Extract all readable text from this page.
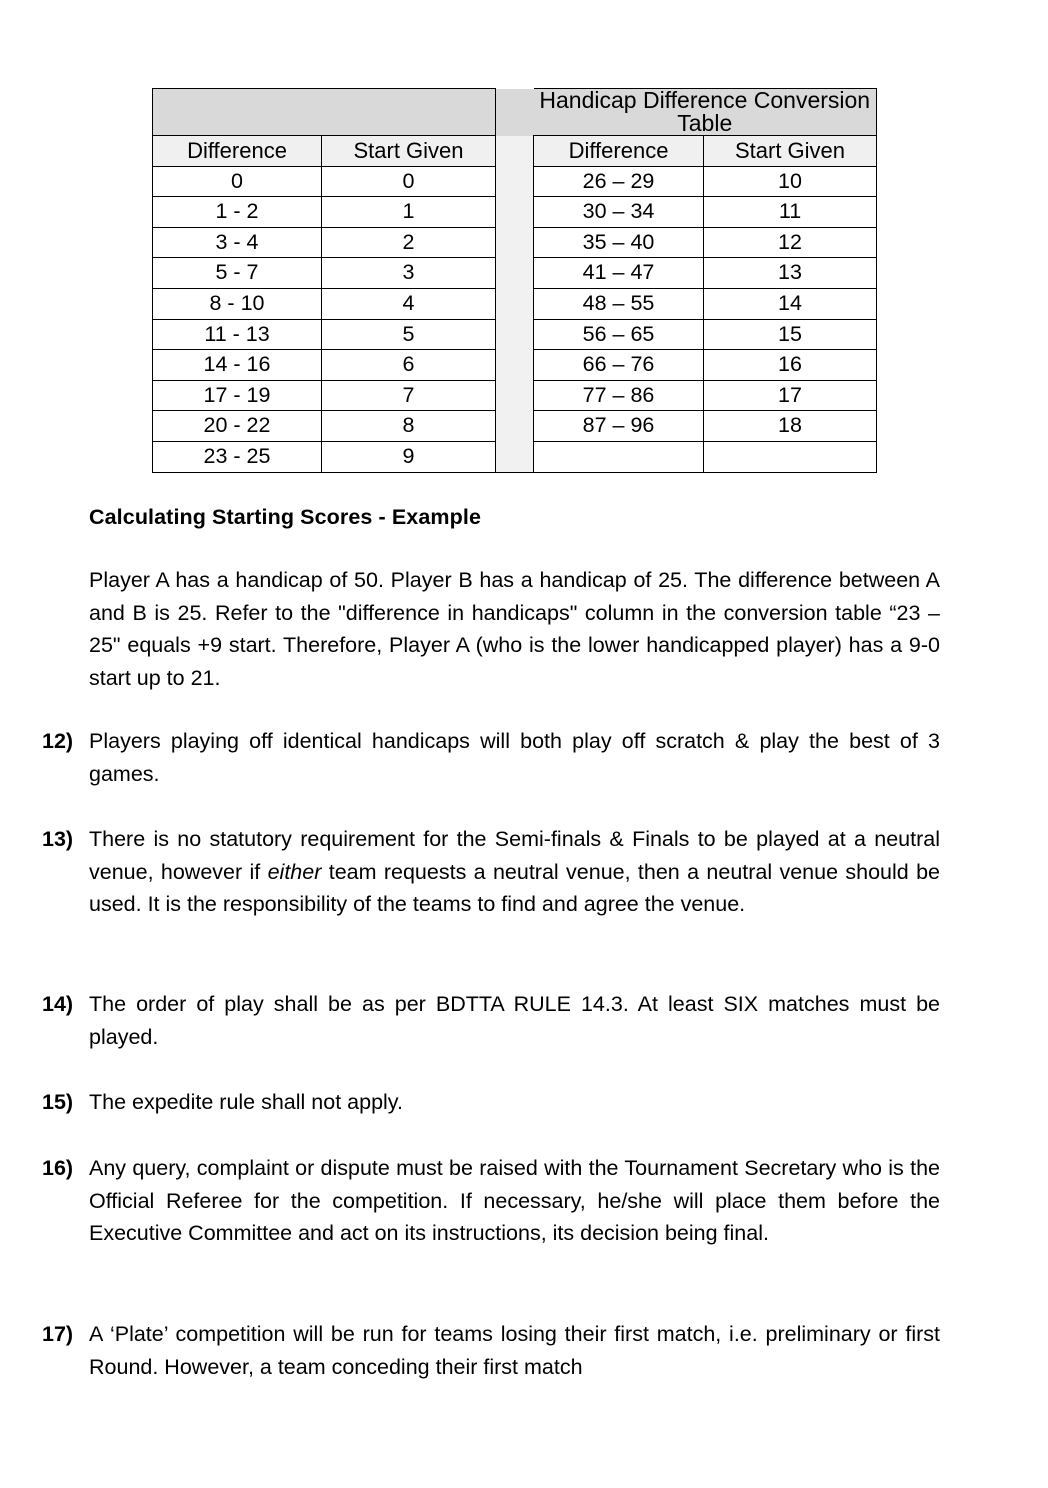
			Handicap Difference Conversion Table	
Difference	Start Given		Difference	Start Given
0	0		26 – 29	10
1 - 2	1		30 – 34	11
3 - 4	2		35 – 40	12
5 - 7	3		41 – 47	13
8 - 10	4		48 – 55	14
11 - 13	5		56 – 65	15
14 - 16	6		66 – 76	16
17 - 19	7		77 – 86	17
20 - 22	8		87 – 96	18
23 - 25	9			
Calculating Starting Scores - Example
Player A has a handicap of 50. Player B has a handicap of 25. The difference between A and B is 25. Refer to the "difference in handicaps" column in the conversion table “23 – 25" equals +9 start. Therefore, Player A (who is the lower handicapped player) has a 9-0 start up to 21.
12) Players playing off identical handicaps will both play off scratch & play the best of 3 games.
13) There is no statutory requirement for the Semi-finals & Finals to be played at a neutral venue, however if either team requests a neutral venue, then a neutral venue should be used. It is the responsibility of the teams to find and agree the venue.
14) The order of play shall be as per BDTTA RULE 14.3. At least SIX matches must be played.
15) The expedite rule shall not apply.
16) Any query, complaint or dispute must be raised with the Tournament Secretary who is the Official Referee for the competition. If necessary, he/she will place them before the Executive Committee and act on its instructions, its decision being final.
17) A ‘Plate’ competition will be run for teams losing their first match, i.e. preliminary or first Round. However, a team conceding their first match
